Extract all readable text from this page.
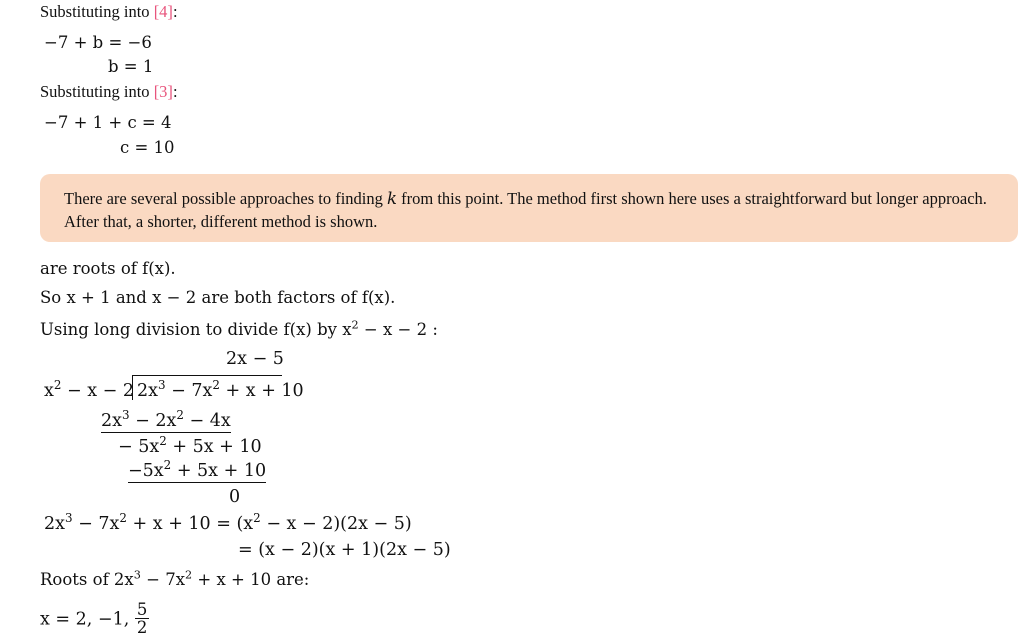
Substituting into [4]:
−7 + b = −6
b = 1
Substituting into [3]:
−7 + 1 + c = 4
c = 10

There are several possible approaches to finding k from this point. The method first shown here uses a straightforward but longer approach. After that, a shorter, different method is shown.

are roots of f(x).
So x + 1 and x − 2 are both factors of f(x).
Using long division to divide f(x) by $x^2 - x - 2$ :
2x − 5
$x^2 - x - 2$ $2x^3 - 7x^2 + x + 10$
$2x^3 - 2x^2 - 4x$
− $5x^2 + 5x + 10$
$-5x^2 + 5x + 10$
0
$2x^3 - 7x^2 + x + 10 = (x^2 - x - 2)(2x - 5)$
= (x − 2)(x + 1)(2x − 5)
Roots of $2x^3 - 7x^2 + x + 10$ are:
x = 2, −1, $\frac{5}{2}$
